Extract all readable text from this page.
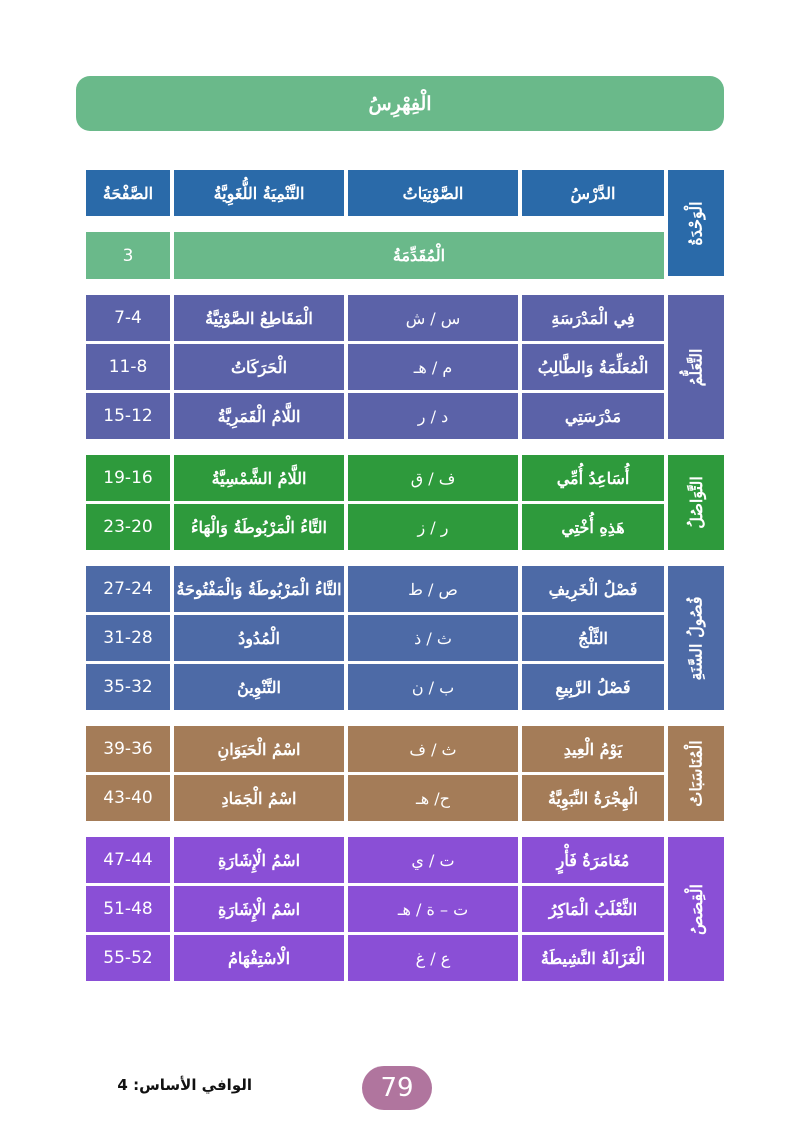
الْفِهْرِسُ
الصَّفْحَةُ	التَّنْمِيَةُ اللُّغَوِيَّةُ	الصَّوْتِيَاتُ	الدَّرْسُ
الْوَحْدَةُ
3	الْمُقَدِّمَةُ
التَّعَلُّمُ
7-4	الْمَقَاطِعُ الصَّوْتِيَّةُ	س / ش	فِي الْمَدْرَسَةِ
11-8	الْحَرَكَاتُ	م / هـ	الْمُعَلِّمَةُ وَالطَّالِبُ
15-12	اللَّامُ الْقَمَرِيَّةُ	د / ر	مَدْرَسَتِي
التَّوَاصُلُ
19-16	اللَّامُ الشَّمْسِيَّةُ	ف / ق	أُسَاعِدُ أُمِّي
23-20	التَّاءُ الْمَرْبُوطَةُ وَالْهَاءُ	ر / ز	هَذِهِ أُخْتِي
فُصُولُ السَّنَةِ
27-24	التَّاءُ الْمَرْبُوطَةُ وَالْمَفْتُوحَةُ	ص / ط	فَصْلُ الْخَرِيفِ
31-28	الْمُدُودُ	ث / ذ	الثَّلْجُ
35-32	التَّنْوِينُ	ب / ن	فَصْلُ الرَّبِيعِ
الْمُنَاسَبَاتُ
39-36	اسْمُ الْحَيَوَانِ	ث / ف	يَوْمُ الْعِيدِ
43-40	اسْمُ الْجَمَادِ	ح/ هـ	الْهِجْرَةُ النَّبَوِيَّةُ
الْقِصَصُ
47-44	اسْمُ الْإِشَارَةِ	ت / ي	مُغَامَرَةُ فَأْرٍ
51-48	اسْمُ الْإِشَارَةِ	ت – ة / هـ	الثَّعْلَبُ الْمَاكِرُ
55-52	الْاسْتِفْهَامُ	ع / غ	الْغَزَالَةُ النَّشِيطَةُ
الوافي الأساس: 4	79
